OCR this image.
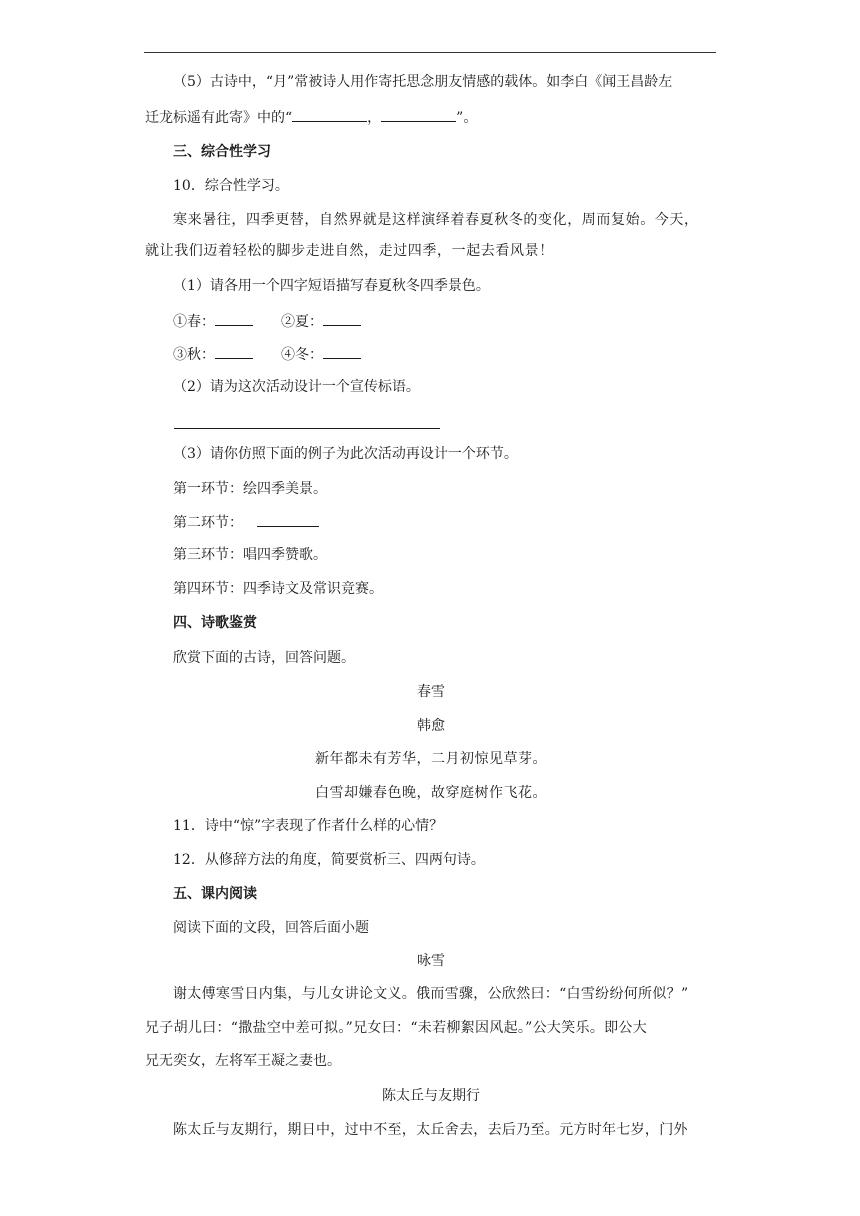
（5）古诗中，“月”常被诗人用作寄托思念朋友情感的载体。如李白《闻王昌龄左
迁龙标遥有此寄》中的“	，	”。
三、综合性学习
10．综合性学习。
寒来暑往，四季更替，自然界就是这样演绎着春夏秋冬的变化，周而复始。今天，
就让我们迈着轻松的脚步走进自然，走过四季，一起去看风景！
（1）请各用一个四字短语描写春夏秋冬四季景色。
①春：	②夏：
③秋：	④冬：
（2）请为这次活动设计一个宣传标语。
（3）请你仿照下面的例子为此次活动再设计一个环节。
第一环节：绘四季美景。
第二环节：
第三环节：唱四季赞歌。
第四环节：四季诗文及常识竞赛。
四、诗歌鉴赏
欣赏下面的古诗，回答问题。
春雪
韩愈
新年都未有芳华，二月初惊见草芽。
白雪却嫌春色晚，故穿庭树作飞花。
11．诗中“惊”字表现了作者什么样的心情？
12．从修辞方法的角度，简要赏析三、四两句诗。
五、课内阅读
阅读下面的文段，回答后面小题
咏雪
谢太傅寒雪日内集，与儿女讲论文义。俄而雪骤，公欣然曰：“白雪纷纷何所似？”
兄子胡儿曰：“撒盐空中差可拟。”兄女曰：“未若柳絮因风起。”公大笑乐。即公大
兄无奕女，左将军王凝之妻也。
陈太丘与友期行
陈太丘与友期行，期日中，过中不至，太丘舍去，去后乃至。元方时年七岁，门外
